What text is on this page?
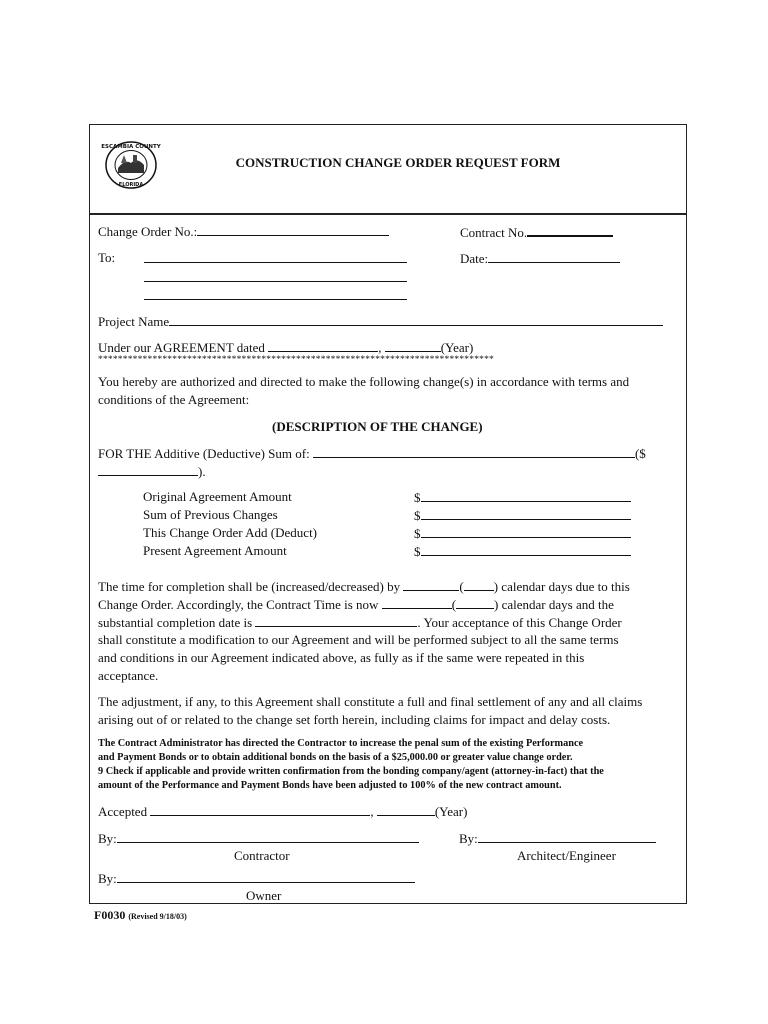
ESCAMBIA COUNTY
FLORIDA
CONSTRUCTION CHANGE ORDER REQUEST FORM
Change Order No.:	Contract No.
To:	Date:
Project Name
Under our AGREEMENT dated	,	(Year)
********************************************************************************
You hereby are authorized and directed to make the following change(s) in accordance with terms and
conditions of the Agreement:
(DESCRIPTION OF THE CHANGE)
FOR THE Additive (Deductive) Sum of:	($
).
Original Agreement Amount	$
Sum of Previous Changes	$
This Change Order Add (Deduct)	$
Present Agreement Amount	$
The time for completion shall be (increased/decreased) by	( ) calendar days due to this
Change Order. Accordingly, the Contract Time is now	(	) calendar days and the
substantial completion date is	. Your acceptance of this Change Order
shall constitute a modification to our Agreement and will be performed subject to all the same terms
and conditions in our Agreement indicated above, as fully as if the same were repeated in this
acceptance.
The adjustment, if any, to this Agreement shall constitute a full and final settlement of any and all claims
arising out of or related to the change set forth herein, including claims for impact and delay costs.
The Contract Administrator has directed the Contractor to increase the penal sum of the existing Performance
and Payment Bonds or to obtain additional bonds on the basis of a $25,000.00 or greater value change order.
9 Check if applicable and provide written confirmation from the bonding company/agent (attorney-in-fact) that the
amount of the Performance and Payment Bonds have been adjusted to 100% of the new contract amount.
Accepted	,	(Year)
By:	By:
Contractor	Architect/Engineer
By:
Owner
F0030 (Revised 9/18/03)
